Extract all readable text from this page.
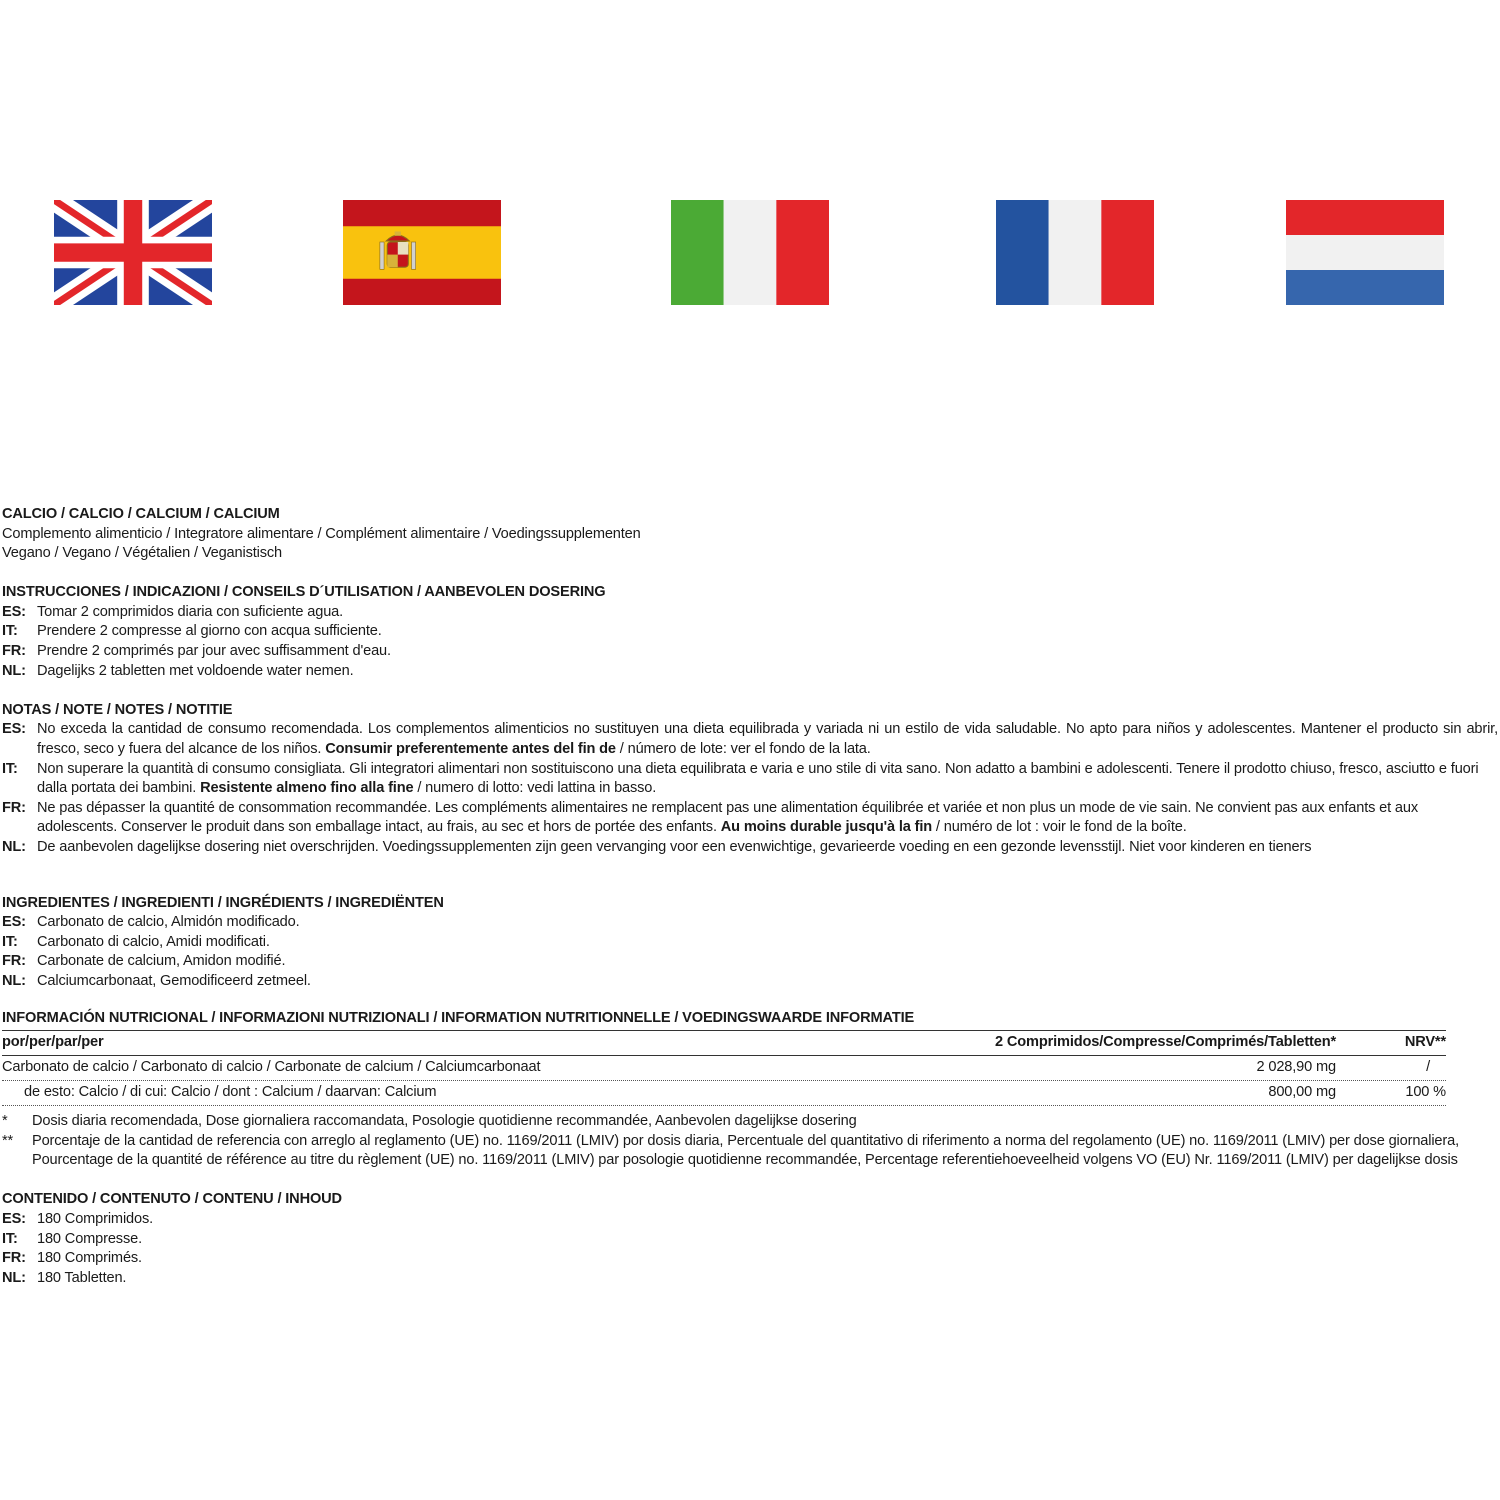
CALCIO / CALCIO / CALCIUM / CALCIUM
Complemento alimenticio / Integratore alimentare / Complément alimentaire / Voedingssupplementen
Vegano / Vegano / Végétalien / Veganistisch
INSTRUCCIONES / INDICAZIONI / CONSEILS D´UTILISATION / AANBEVOLEN DOSERING
ES: Tomar 2 comprimidos diaria con suficiente agua.
IT:	Prendere 2 compresse al giorno con acqua sufficiente.
FR: Prendre 2 comprimés par jour avec suffisamment d'eau.
NL: Dagelijks 2 tabletten met voldoende water nemen.
NOTAS / NOTE / NOTES / NOTITIE
ES: No exceda la cantidad de consumo recomendada. Los complementos alimenticios no sustituyen una dieta equilibrada y variada ni un estilo de vida saludable. No apto para niños y adolescentes. Mantener el producto sin abrir, fresco, seco y fuera del alcance de los niños. Consumir preferentemente antes del fin de / número de lote: ver el fondo de la lata.
IT:	Non superare la quantità di consumo consigliata. Gli integratori alimentari non sostituiscono una dieta equilibrata e varia e uno stile di vita sano. Non adatto a bambini e adolescenti. Tenere il prodotto chiuso, fresco, asciutto e fuori dalla portata dei bambini. Resistente almeno fino alla fine / numero di lotto: vedi lattina in basso.
FR: Ne pas dépasser la quantité de consommation recommandée. Les compléments alimentaires ne remplacent pas une alimentation équilibrée et variée et non plus un mode de vie sain. Ne convient pas aux enfants et aux adolescents. Conserver le produit dans son emballage intact, au frais, au sec et hors de portée des enfants. Au moins durable jusqu'à la fin / numéro de lot : voir le fond de la boîte.
NL: De aanbevolen dagelijkse dosering niet overschrijden. Voedingssupplementen zijn geen vervanging voor een evenwichtige, gevarieerde voeding en een gezonde levensstijl. Niet voor kinderen en tieners
INGREDIENTES / INGREDIENTI / INGRÉDIENTS / INGREDIËNTEN
ES: Carbonato de calcio, Almidón modificado.
IT:	Carbonato di calcio, Amidi modificati.
FR: Carbonate de calcium, Amidon modifié.
NL: Calciumcarbonaat, Gemodificeerd zetmeel.
INFORMACIÓN NUTRICIONAL / INFORMAZIONI NUTRIZIONALI / INFORMATION NUTRITIONNELLE / VOEDINGSWAARDE INFORMATIE
por/per/par/per	2 Comprimidos/Compresse/Comprimés/Tabletten*	NRV**
Carbonato de calcio / Carbonato di calcio / Carbonate de calcium / Calciumcarbonaat	2 028,90 mg	/
de esto: Calcio / di cui: Calcio / dont : Calcium / daarvan: Calcium	800,00 mg	100 %
*	Dosis diaria recomendada, Dose giornaliera raccomandata, Posologie quotidienne recommandée, Aanbevolen dagelijkse dosering
**	Porcentaje de la cantidad de referencia con arreglo al reglamento (UE) no. 1169/2011 (LMIV) por dosis diaria, Percentuale del quantitativo di riferimento a norma del regolamento (UE) no. 1169/2011 (LMIV) per dose giornaliera, Pourcentage de la quantité de référence au titre du règlement (UE) no. 1169/2011 (LMIV) par posologie quotidienne recommandée, Percentage referentiehoeveelheid volgens VO (EU) Nr. 1169/2011 (LMIV) per dagelijkse dosis
CONTENIDO / CONTENUTO / CONTENU / INHOUD
ES: 180 Comprimidos.
IT:	180 Compresse.
FR: 180 Comprimés.
NL: 180 Tabletten.
